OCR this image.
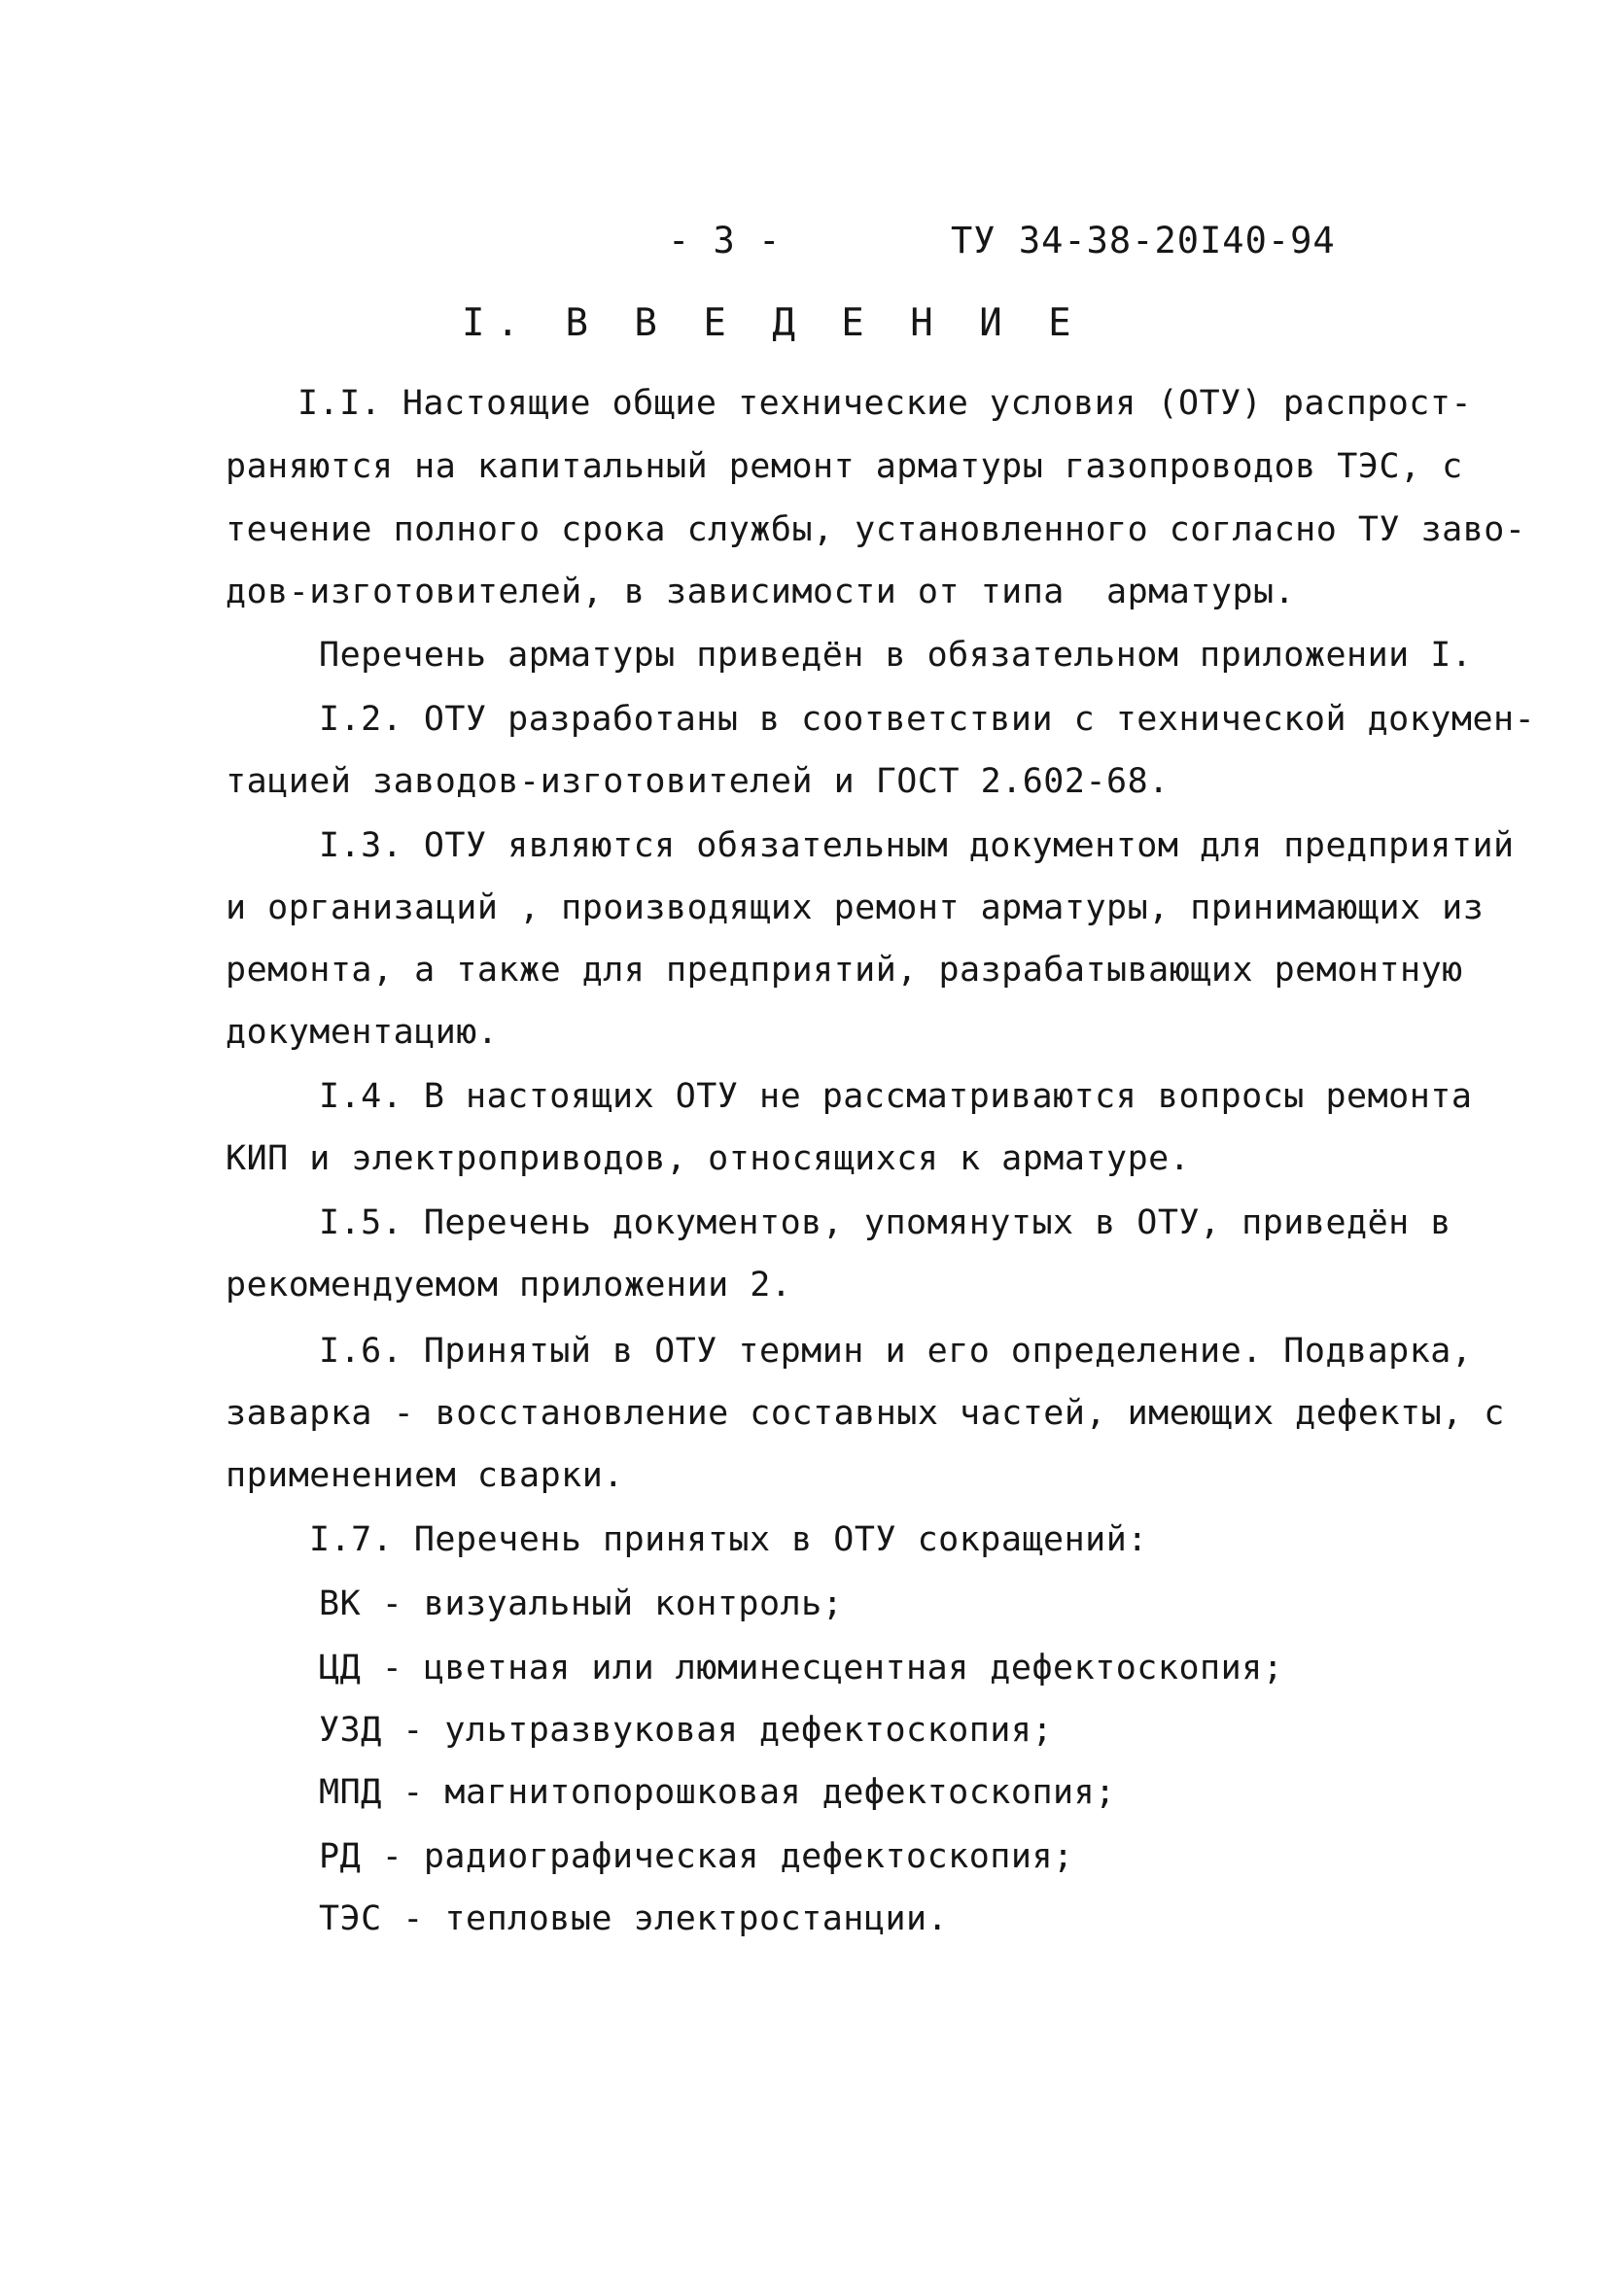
- 3 -	ТУ 34-38-20I40-94
I. В В Е Д Е Н И Е
I.I. Настоящие общие технические условия (ОТУ) распрост-
раняются на капитальный ремонт арматуры газопроводов ТЭС, с
течение полного срока службы, установленного согласно ТУ заво-
дов-изготовителей, в зависимости от типа  арматуры.
Перечень арматуры приведён в обязательном приложении I.
I.2. ОТУ разработаны в соответствии с технической докумен-
тацией заводов-изготовителей и ГОСТ 2.602-68.
I.3. ОТУ являются обязательным документом для предприятий
и организаций , производящих ремонт арматуры, принимающих из
ремонта, а также для предприятий, разрабатывающих ремонтную
документацию.
I.4. В настоящих ОТУ не рассматриваются вопросы ремонта
КИП и электроприводов, относящихся к арматуре.
I.5. Перечень документов, упомянутых в ОТУ, приведён в
рекомендуемом приложении 2.
I.6. Принятый в ОТУ термин и его определение. Подварка,
заварка - восстановление составных частей, имеющих дефекты, с
применением сварки.
I.7. Перечень принятых в ОТУ сокращений:
ВК - визуальный контроль;
ЦД - цветная или люминесцентная дефектоскопия;
УЗД - ультразвуковая дефектоскопия;
МПД - магнитопорошковая дефектоскопия;
РД - радиографическая дефектоскопия;
ТЭС - тепловые электростанции.
